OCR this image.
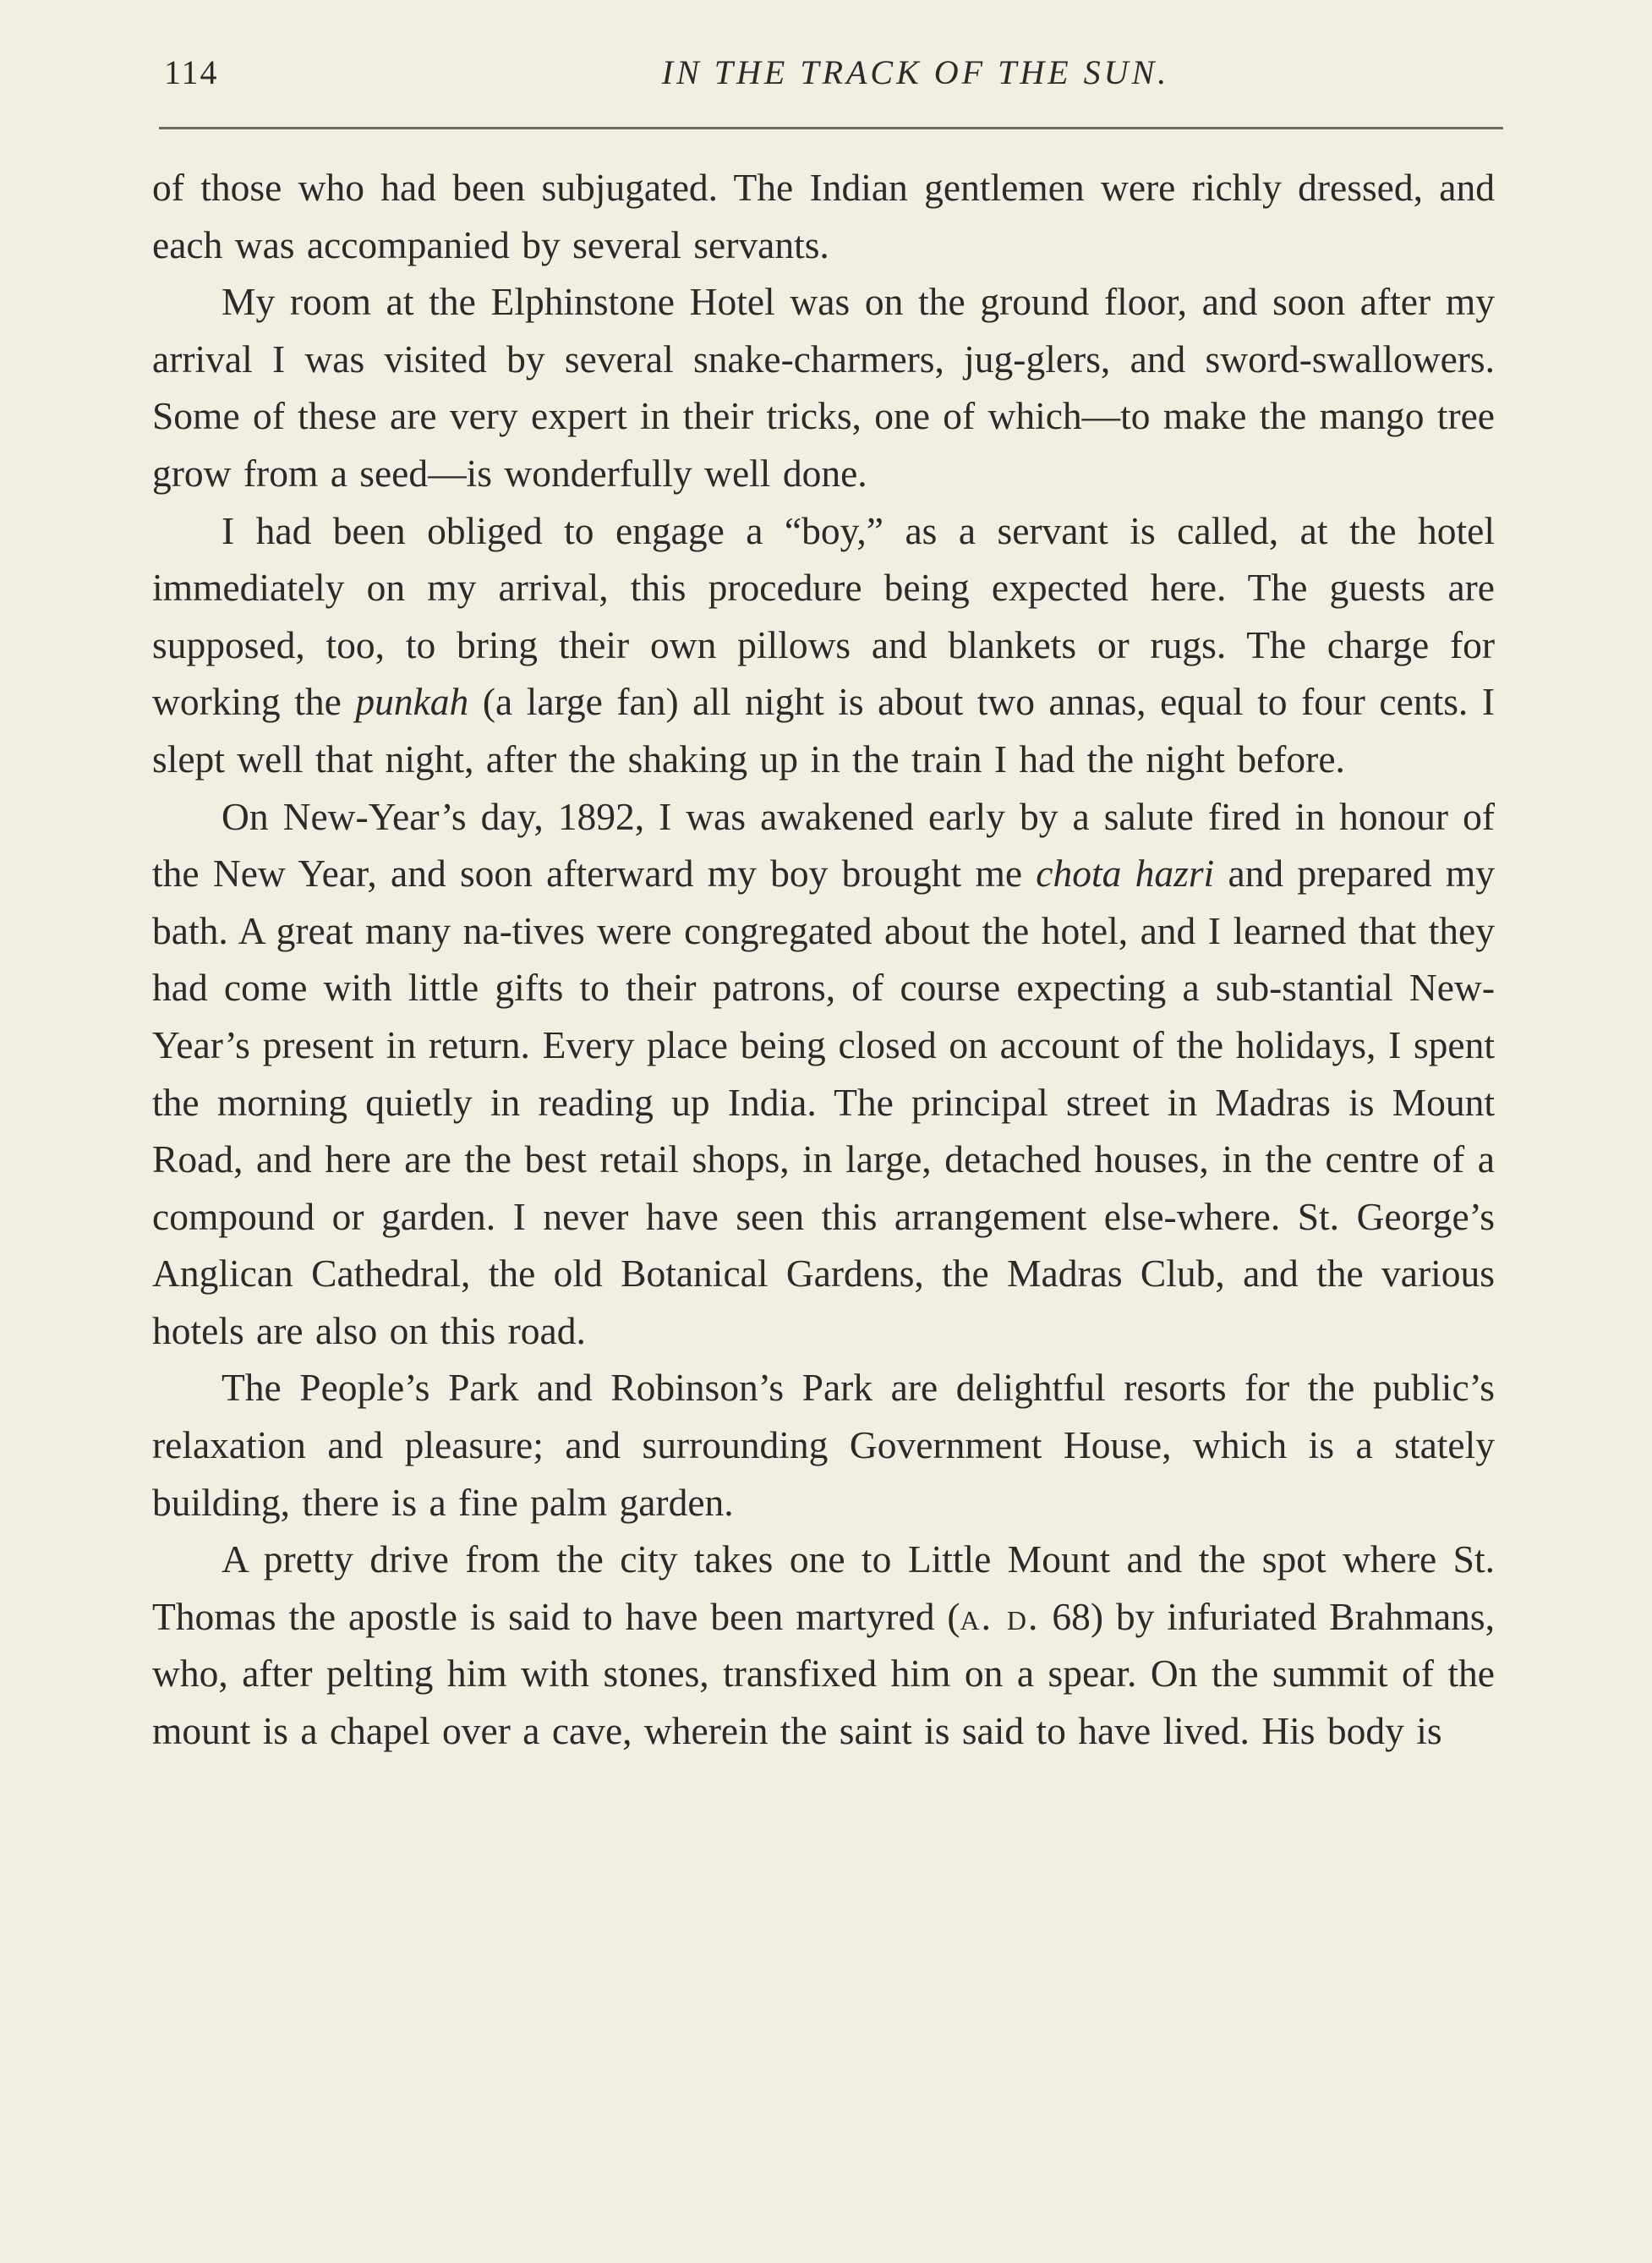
114	IN THE TRACK OF THE SUN.

of those who had been subjugated. The Indian gentlemen were richly dressed, and each was accompanied by several servants.

My room at the Elphinstone Hotel was on the ground floor, and soon after my arrival I was visited by several snake-charmers, jug-glers, and sword-swallowers. Some of these are very expert in their tricks, one of which—to make the mango tree grow from a seed—is wonderfully well done.

I had been obliged to engage a “boy,” as a servant is called, at the hotel immediately on my arrival, this procedure being expected here. The guests are supposed, too, to bring their own pillows and blankets or rugs. The charge for working the punkah (a large fan) all night is about two annas, equal to four cents. I slept well that night, after the shaking up in the train I had the night before.

On New-Year’s day, 1892, I was awakened early by a salute fired in honour of the New Year, and soon afterward my boy brought me chota hazri and prepared my bath. A great many na-tives were congregated about the hotel, and I learned that they had come with little gifts to their patrons, of course expecting a sub-stantial New-Year’s present in return. Every place being closed on account of the holidays, I spent the morning quietly in reading up India. The principal street in Madras is Mount Road, and here are the best retail shops, in large, detached houses, in the centre of a compound or garden. I never have seen this arrangement else-where. St. George’s Anglican Cathedral, the old Botanical Gardens, the Madras Club, and the various hotels are also on this road.

The People’s Park and Robinson’s Park are delightful resorts for the public’s relaxation and pleasure; and surrounding Government House, which is a stately building, there is a fine palm garden.

A pretty drive from the city takes one to Little Mount and the spot where St. Thomas the apostle is said to have been martyred (a. d. 68) by infuriated Brahmans, who, after pelting him with stones, transfixed him on a spear. On the summit of the mount is a chapel over a cave, wherein the saint is said to have lived. His body is
